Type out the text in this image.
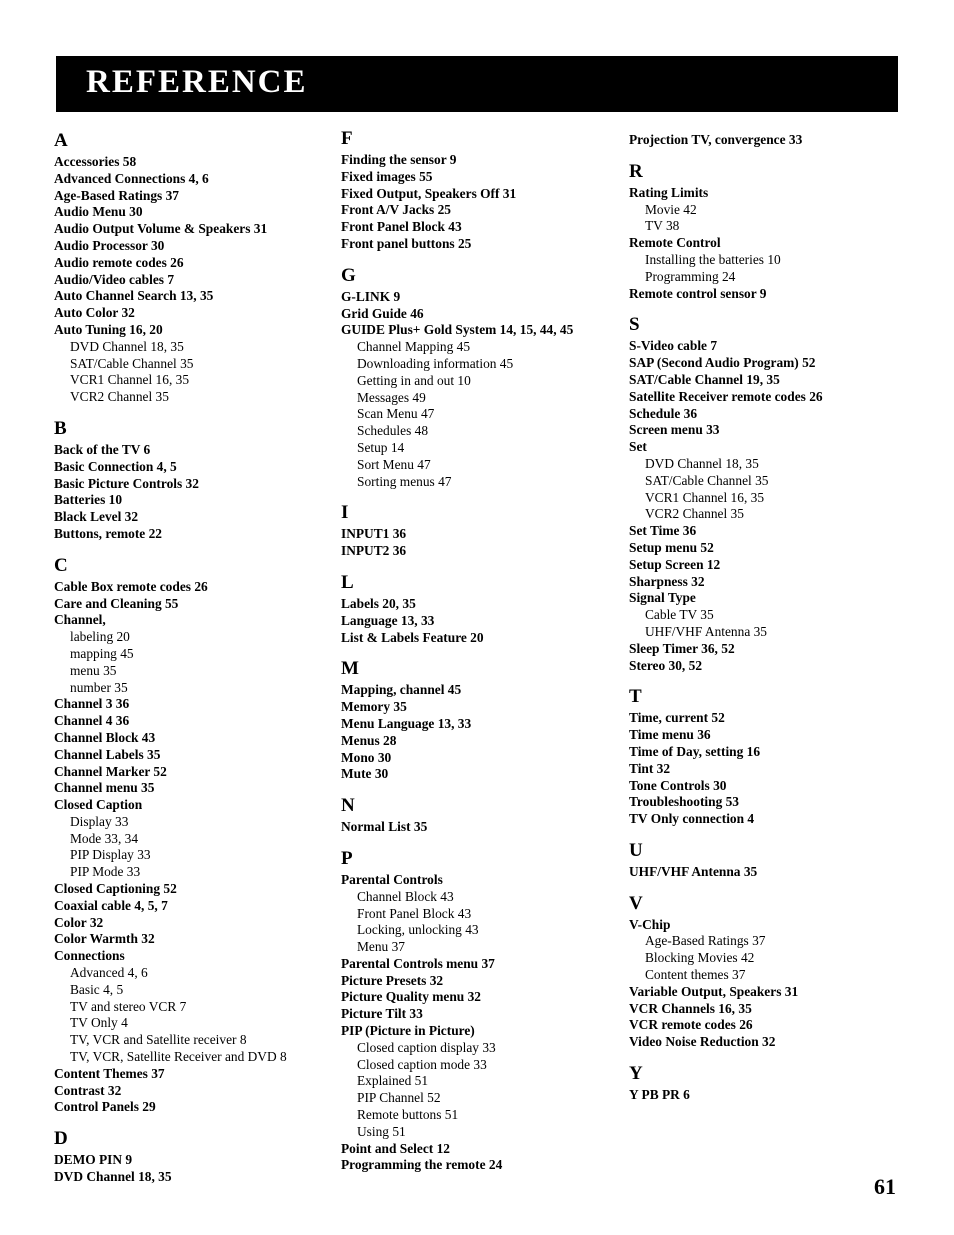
REFERENCE
A
Accessories 58
Advanced Connections 4, 6
Age-Based Ratings 37
Audio Menu 30
Audio Output Volume & Speakers 31
Audio Processor 30
Audio remote codes 26
Audio/Video cables 7
Auto Channel Search 13, 35
Auto Color 32
Auto Tuning 16, 20
DVD Channel 18, 35
SAT/Cable Channel 35
VCR1 Channel 16, 35
VCR2 Channel 35
B
Back of the TV 6
Basic Connection 4, 5
Basic Picture Controls 32
Batteries 10
Black Level 32
Buttons, remote 22
C
Cable Box remote codes 26
Care and Cleaning 55
Channel,
labeling 20
mapping 45
menu 35
number 35
Channel 3 36
Channel 4 36
Channel Block 43
Channel Labels 35
Channel Marker 52
Channel menu 35
Closed Caption
Display 33
Mode 33, 34
PIP Display 33
PIP Mode 33
Closed Captioning 52
Coaxial cable 4, 5, 7
Color 32
Color Warmth 32
Connections
Advanced 4, 6
Basic 4, 5
TV and stereo VCR 7
TV Only 4
TV, VCR and Satellite receiver 8
TV, VCR, Satellite Receiver and DVD 8
Content Themes 37
Contrast 32
Control Panels 29
D
DEMO PIN 9
DVD Channel 18, 35
F
Finding the sensor 9
Fixed images 55
Fixed Output, Speakers Off 31
Front A/V Jacks 25
Front Panel Block 43
Front panel buttons 25
G
G-LINK 9
Grid Guide 46
GUIDE Plus+ Gold System 14, 15, 44, 45
Channel Mapping 45
Downloading information 45
Getting in and out 10
Messages 49
Scan Menu 47
Schedules 48
Setup 14
Sort Menu 47
Sorting menus 47
I
INPUT1 36
INPUT2 36
L
Labels 20, 35
Language 13, 33
List & Labels Feature 20
M
Mapping, channel 45
Memory 35
Menu Language 13, 33
Menus 28
Mono 30
Mute 30
N
Normal List 35
P
Parental Controls
Channel Block 43
Front Panel Block 43
Locking, unlocking 43
Menu 37
Parental Controls menu 37
Picture Presets 32
Picture Quality menu 32
Picture Tilt 33
PIP (Picture in Picture)
Closed caption display 33
Closed caption mode 33
Explained 51
PIP Channel 52
Remote buttons 51
Using 51
Point and Select 12
Programming the remote 24
Projection TV, convergence 33
R
Rating Limits
Movie 42
TV 38
Remote Control
Installing the batteries 10
Programming 24
Remote control sensor 9
S
S-Video cable 7
SAP (Second Audio Program) 52
SAT/Cable Channel 19, 35
Satellite Receiver remote codes 26
Schedule 36
Screen menu 33
Set
DVD Channel 18, 35
SAT/Cable Channel 35
VCR1 Channel 16, 35
VCR2 Channel 35
Set Time 36
Setup menu 52
Setup Screen 12
Sharpness 32
Signal Type
Cable TV 35
UHF/VHF Antenna 35
Sleep Timer 36, 52
Stereo 30, 52
T
Time, current 52
Time menu 36
Time of Day, setting 16
Tint 32
Tone Controls 30
Troubleshooting 53
TV Only connection 4
U
UHF/VHF Antenna 35
V
V-Chip
Age-Based Ratings 37
Blocking Movies 42
Content themes 37
Variable Output, Speakers 31
VCR Channels 16, 35
VCR remote codes 26
Video Noise Reduction 32
Y
Y PB PR 6
61
